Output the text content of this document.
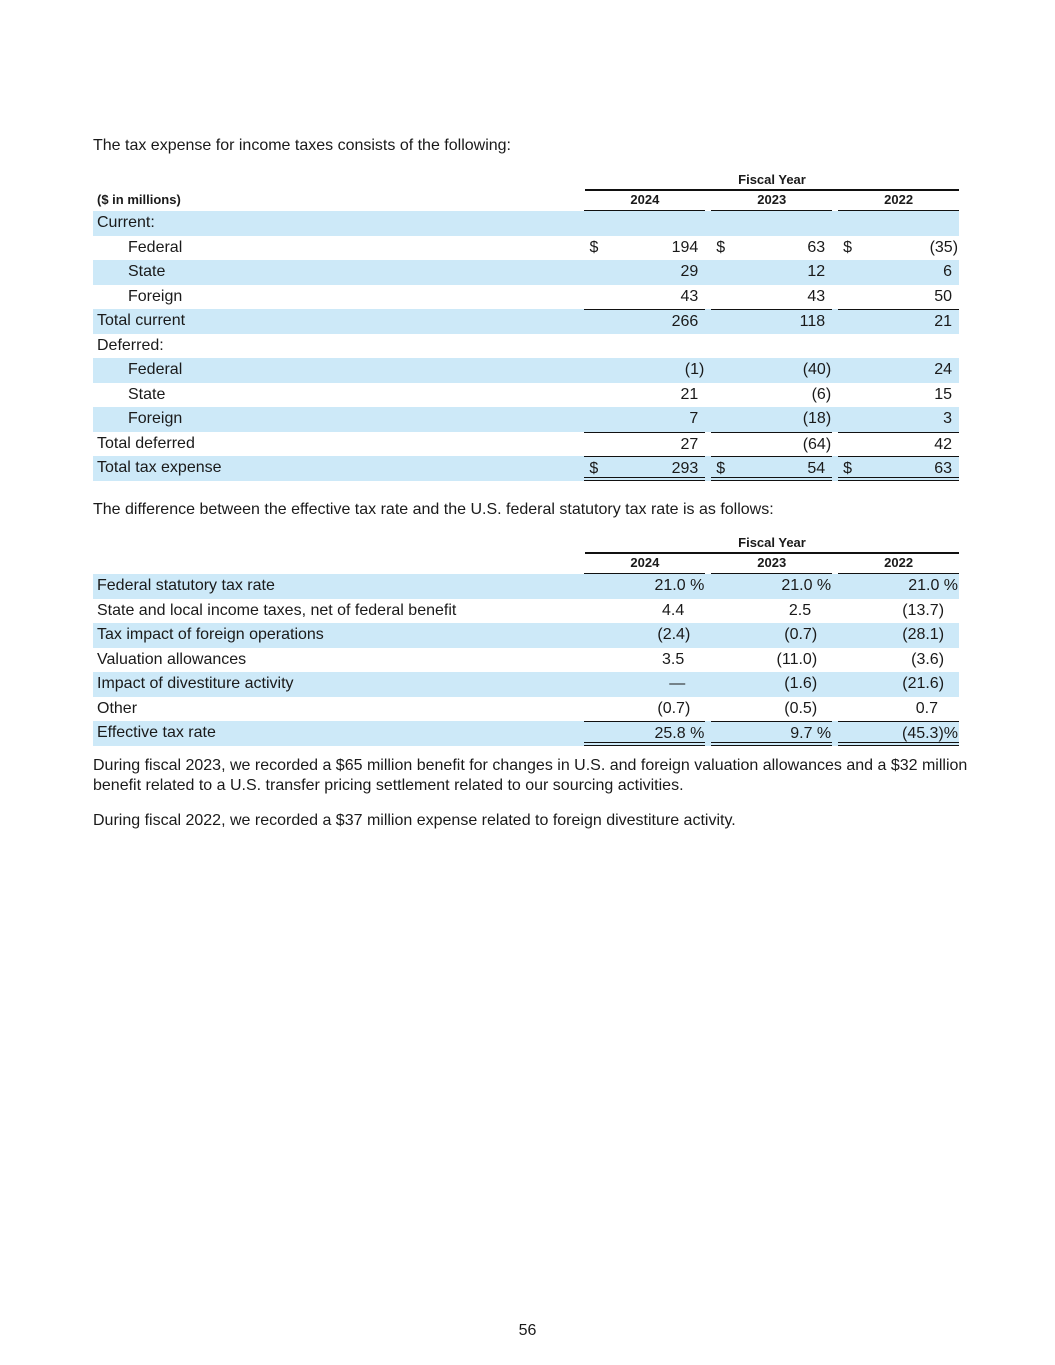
The tax expense for income taxes consists of the following:
Fiscal Year
($ in millions)	2024	2023	2022
Current:
Federal	$	194	$	63	$	(35)
State	29	12	6
Foreign	43	43	50
Total current	266	118	21
Deferred:
Federal	(1)	(40)	24
State	21	(6)	15
Foreign	7	(18)	3
Total deferred	27	(64)	42
Total tax expense	$	293	$	54	$	63
The difference between the effective tax rate and the U.S. federal statutory tax rate is as follows:
Fiscal Year
2024	2023	2022
Federal statutory tax rate	21.0 %	21.0 %	21.0 %
State and local income taxes, net of federal benefit	4.4	2.5	(13.7)
Tax impact of foreign operations	(2.4)	(0.7)	(28.1)
Valuation allowances	3.5	(11.0)	(3.6)
Impact of divestiture activity	—	(1.6)	(21.6)
Other	(0.7)	(0.5)	0.7
Effective tax rate	25.8 %	9.7 %	(45.3)%
During fiscal 2023, we recorded a $65 million benefit for changes in U.S. and foreign valuation allowances and a $32 million benefit related to a U.S. transfer pricing settlement related to our sourcing activities.
During fiscal 2022, we recorded a $37 million expense related to foreign divestiture activity.
56
